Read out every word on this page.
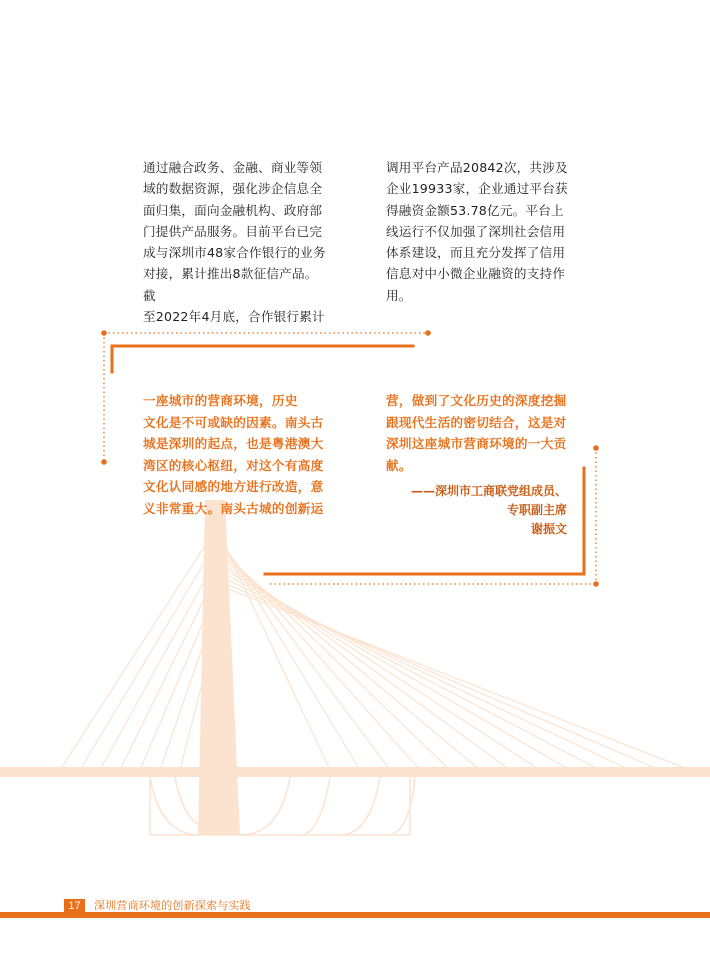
通过融合政务、金融、商业等领
域的数据资源，强化涉企信息全
面归集，面向金融机构、政府部
门提供产品服务。目前平台已完
成与深圳市48家合作银行的业务
对接，累计推出8款征信产品。截
至2022年4月底，合作银行累计
调用平台产品20842次，共涉及
企业19933家，企业通过平台获
得融资金额53.78亿元。平台上
线运行不仅加强了深圳社会信用
体系建设，而且充分发挥了信用
信息对中小微企业融资的支持作
用。
一座城市的营商环境，历史
文化是不可或缺的因素。南头古
城是深圳的起点，也是粤港澳大
湾区的核心枢纽，对这个有高度
文化认同感的地方进行改造，意
义非常重大。南头古城的创新运
营，做到了文化历史的深度挖掘
跟现代生活的密切结合，这是对
深圳这座城市营商环境的一大贡
献。
——深圳市工商联党组成员、
专职副主席
谢振文
17	深圳营商环境的创新探索与实践
